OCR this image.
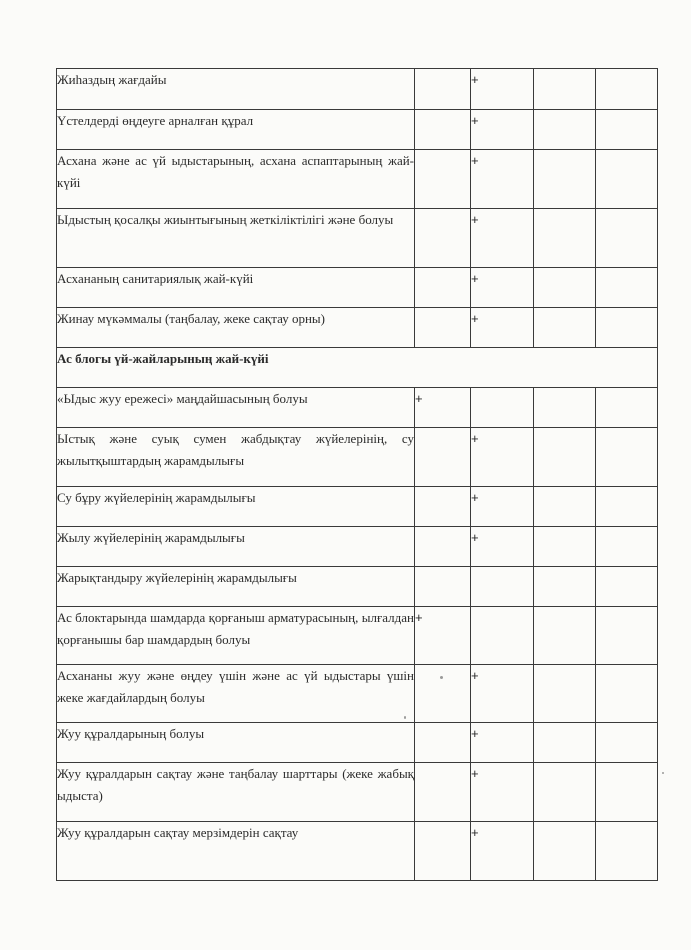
Жиһаздың жағдайы		+		
Үстелдерді өңдеуге арналған құрал		+		
Асхана және ас үй ыдыстарының, асхана аспаптарының жай-күйі		+		
Ыдыстың қосалқы жиынтығының жеткіліктілігі және болуы		+		
Асхананың санитариялық жай-күйі		+		
Жинау мүкәммалы (таңбалау, жеке сақтау орны)		+		
Ас блогы үй-жайларының жай-күйі				
«Ыдыс жуу ережесі» маңдайшасының болуы	+			
Ыстық және суық сумен жабдықтау жүйелерінің, су жылытқыштардың жарамдылығы		+		
Су бұру жүйелерінің жарамдылығы		+		
Жылу жүйелерінің жарамдылығы		+		
Жарықтандыру жүйелерінің жарамдылығы				
Ас блоктарында шамдарда қорғаныш арматурасының, ылғалдан қорғанышы бар шамдардың болуы	+			
Асхананы жуу және өңдеу үшін және ас үй ыдыстары үшін жеке жағдайлардың болуы		+		
Жуу құралдарының болуы		+		
Жуу құралдарын сақтау және таңбалау шарттары (жеке жабық ыдыста)		+		
Жуу құралдарын сақтау мерзімдерін сақтау		+		
